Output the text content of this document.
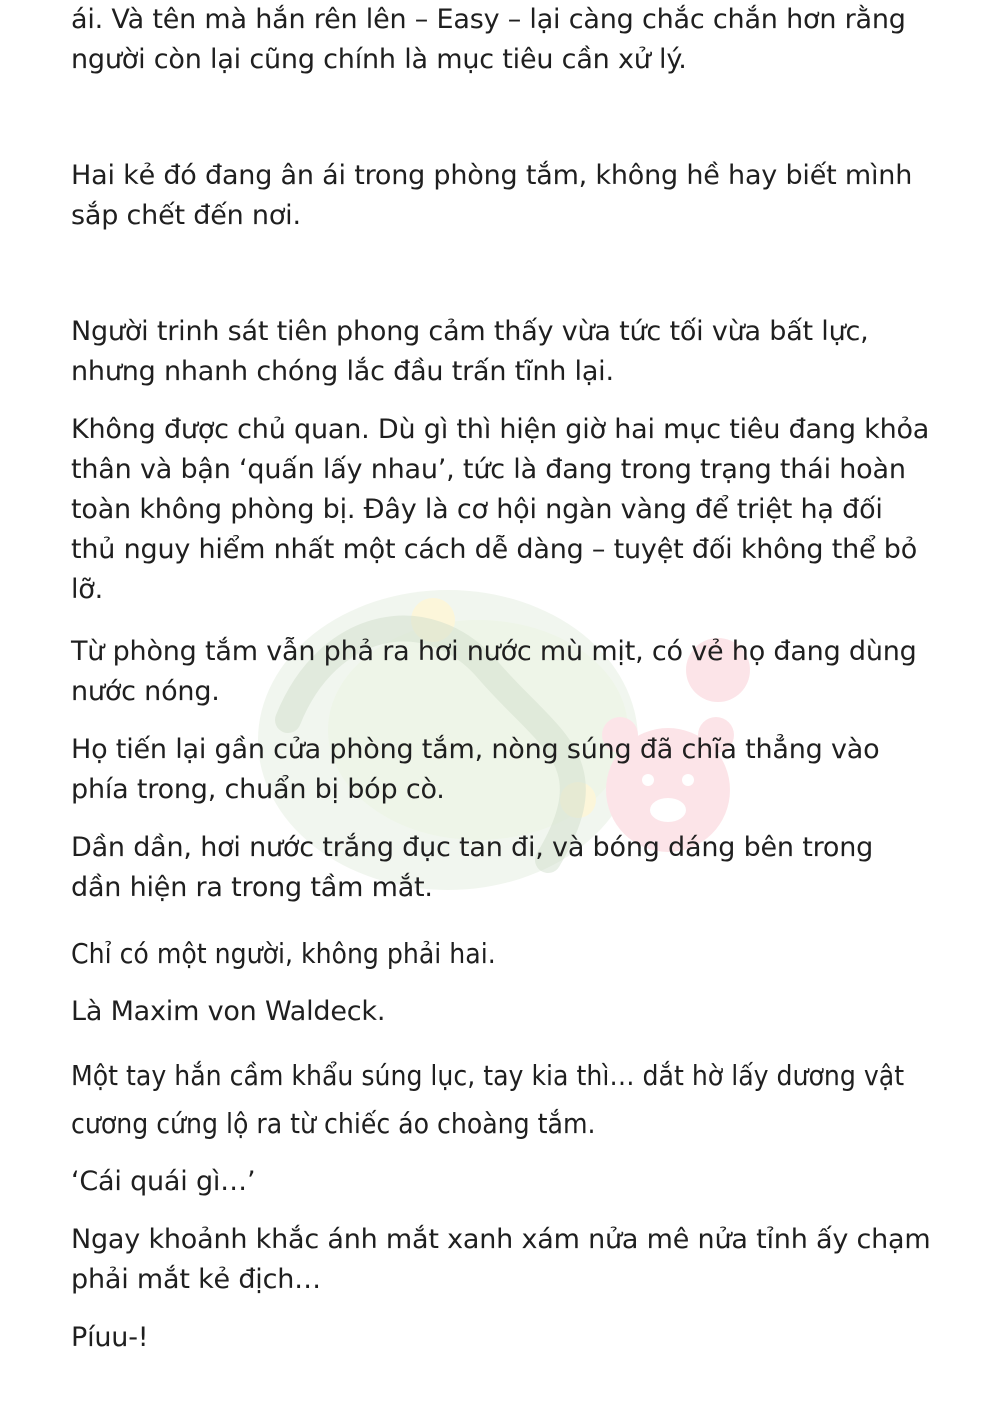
ái. Và tên mà hắn rên lên – Easy – lại càng chắc chắn hơn rằng người còn lại cũng chính là mục tiêu cần xử lý.

Hai kẻ đó đang ân ái trong phòng tắm, không hề hay biết mình sắp chết đến nơi.

Người trinh sát tiên phong cảm thấy vừa tức tối vừa bất lực, nhưng nhanh chóng lắc đầu trấn tĩnh lại.

Không được chủ quan. Dù gì thì hiện giờ hai mục tiêu đang khỏa thân và bận ‘quấn lấy nhau’, tức là đang trong trạng thái hoàn toàn không phòng bị. Đây là cơ hội ngàn vàng để triệt hạ đối thủ nguy hiểm nhất một cách dễ dàng – tuyệt đối không thể bỏ lỡ.

Từ phòng tắm vẫn phả ra hơi nước mù mịt, có vẻ họ đang dùng nước nóng.

Họ tiến lại gần cửa phòng tắm, nòng súng đã chĩa thẳng vào phía trong, chuẩn bị bóp cò.

Dần dần, hơi nước trắng đục tan đi, và bóng dáng bên trong dần hiện ra trong tầm mắt.

Chỉ có một người, không phải hai.

Là Maxim von Waldeck.

Một tay hắn cầm khẩu súng lục, tay kia thì… dắt hờ lấy dương vật cương cứng lộ ra từ chiếc áo choàng tắm.

‘Cái quái gì…’

Ngay khoảnh khắc ánh mắt xanh xám nửa mê nửa tỉnh ấy chạm phải mắt kẻ địch…

Píuu-!
